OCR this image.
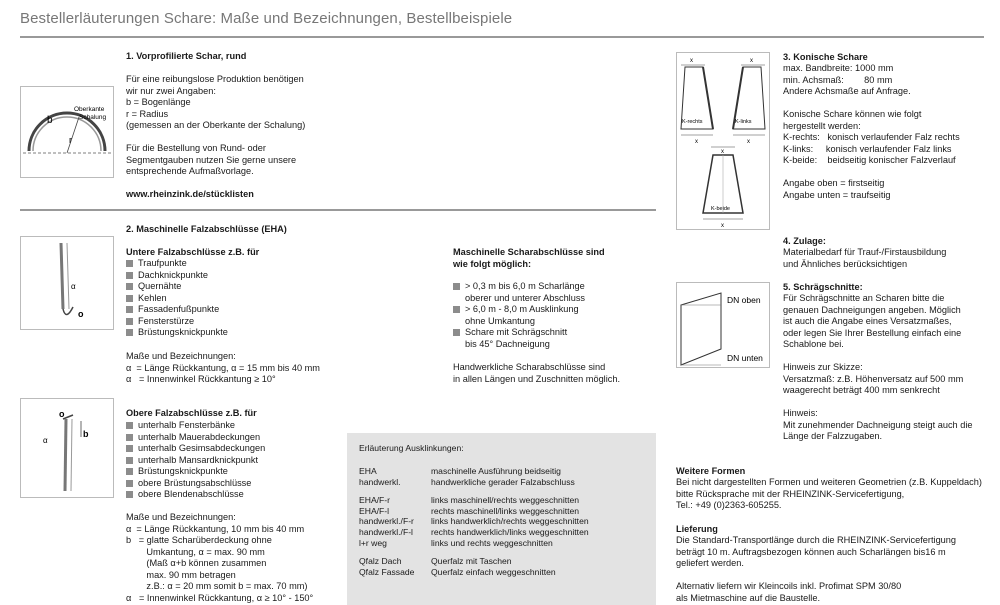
Bestellerläuterungen Schare: Maße und Bezeichnungen, Bestellbeispiele
b
r
Oberkante
Schalung
1. Vorprofilierte Schar, rund
Für eine reibungslose Produktion benötigen
wir nur zwei Angaben:
b = Bogenlänge
r = Radius
(gemessen an der Oberkante der Schalung)

Für die Bestellung von Rund- oder
Segmentgauben nutzen Sie gerne unsere
entsprechende Aufmaßvorlage.
www.rheinzink.de/stücklisten
2. Maschinelle Falzabschlüsse (EHA)
α
o
Untere Falzabschlüsse z.B. für
Traufpunkte
Dachknickpunkte
Quernähte
Kehlen
Fassadenfußpunkte
Fensterstürze
Brüstungsknickpunkte
Maße und Bezeichnungen:
α  = Länge Rückkantung, α = 15 mm bis 40 mm
α   = Innenwinkel Rückkantung ≥ 10°
α
o
b
Obere Falzabschlüsse z.B. für
unterhalb Fensterbänke
unterhalb Mauerabdeckungen
unterhalb Gesimsabdeckungen
unterhalb Mansardknickpunkt
Brüstungsknickpunkte
obere Brüstungsabschlüsse
obere Blendenabschlüsse
Maße und Bezeichnungen:
α  = Länge Rückkantung, 10 mm bis 40 mm
b   = glatte Scharüberdeckung ohne
Umkantung, α = max. 90 mm
(Maß α+b können zusammen
max. 90 mm betragen
z.B.: α = 20 mm somit b = max. 70 mm)
α   = Innenwinkel Rückkantung, α ≥ 10° - 150°
Maschinelle Scharabschlüsse sind
wie folgt möglich:
> 0,3 m bis 6,0 m Scharlänge
oberer und unterer Abschluss
> 6,0 m - 8,0 m Ausklinkung
ohne Umkantung
Schare mit Schrägschnitt
bis 45° Dachneigung
Handwerkliche Scharabschlüsse sind
in allen Längen und Zuschnitten möglich.
Erläuterung Ausklinkungen:
EHA	maschinelle Ausführung beidseitig
handwerkl.	handwerkliche gerader Falzabschluss
EHA/F-r	links maschinell/rechts weggeschnitten
EHA/F-l	rechts maschinell/links weggeschnitten
handwerkl./F-r	links handwerklich/rechts weggeschnitten
handwerkl./F-l	rechts handwerklich/links weggeschnitten
l+r weg	links und rechts weggeschnitten
Qfalz Dach	Querfalz mit Taschen
Qfalz Fassade	Querfalz einfach weggeschnitten
x
K-rechts
x
x
K-links
x
x
K-beide
x
3. Konische Schare
max. Bandbreite: 1000 mm
min. Achsmaß:        80 mm
Andere Achsmaße auf Anfrage.

Konische Schare können wie folgt
hergestellt werden:
K-rechts:   konisch verlaufender Falz rechts
K-links:     konisch verlaufender Falz links
K-beide:    beidseitig konischer Falzverlauf

Angabe oben = firstseitig
Angabe unten = traufseitig
4. Zulage:
Materialbedarf für Trauf-/Firstausbildung
und Ähnliches berücksichtigen
DN oben
DN unten
5. Schrägschnitte:
Für Schrägschnitte an Scharen bitte die
genauen Dachneigungen angeben. Möglich
ist auch die Angabe eines Versatzmaßes,
oder legen Sie Ihrer Bestellung einfach eine
Schablone bei.

Hinweis zur Skizze:
Versatzmaß: z.B. Höhenversatz auf 500 mm
waagerecht beträgt 400 mm senkrecht

Hinweis:
Mit zunehmender Dachneigung steigt auch die
Länge der Falzzugaben.
Weitere Formen
Bei nicht dargestellten Formen und weiteren Geometrien (z.B. Kuppeldach)
bitte Rücksprache mit der RHEINZINK-Servicefertigung,
Tel.: +49 (0)2363-605255.
Lieferung
Die Standard-Transportlänge durch die RHEINZINK-Servicefertigung
beträgt 10 m. Auftragsbezogen können auch Scharlängen bis16 m
geliefert werden.

Alternativ liefern wir Kleincoils inkl. Profimat SPM 30/80
als Mietmaschine auf die Baustelle.
